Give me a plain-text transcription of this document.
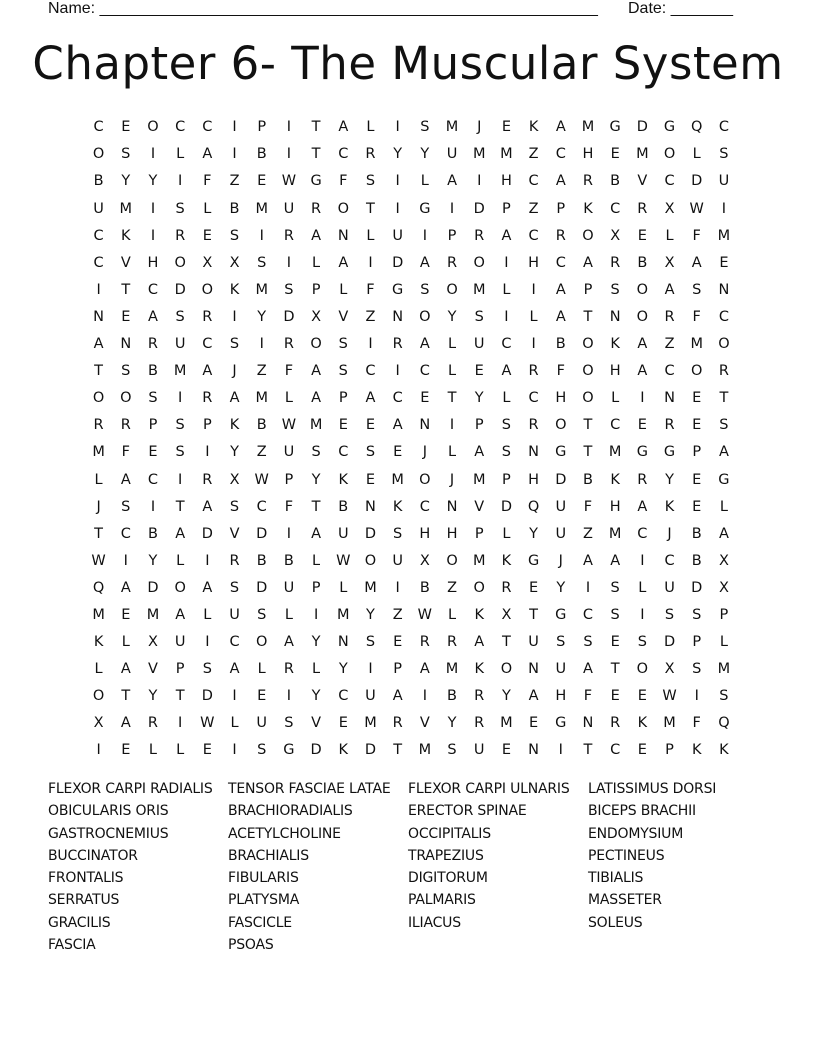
Name: ________________________________________________________ Date: _______
Chapter 6- The Muscular System
C	E	O	C	C	I	P	I	T	A	L	I	S	M	J	E	K	A	M	G	D	G	Q	C
O	S	I	L	A	I	B	I	T	C	R	Y	Y	U	M	M	Z	C	H	E	M	O	L	S
B	Y	Y	I	F	Z	E	W G	F	S	I	L	A	I	H	C	A	R	B	V	C	D	U
U	M	I	S	L	B	M	U	R	O	T	I	G	I	D	P	Z	P	K	C	R	X	W	I
C	K	I	R	E	S	I	R	A	N	L	U	I	P	R	A	C	R	O	X	E	L	F	M
C	V	H	O	X	X	S	I	L	A	I	D	A	R	O	I	H	C	A	R	B	X	A	E
I	T	C	D	O	K	M	S	P	L	F	G	S	O	M	L	I	A	P	S	O	A	S	N
N	E	A	S	R	I	Y	D	X	V	Z	N	O	Y	S	I	L	A	T	N	O	R	F	C
A	N	R	U	C	S	I	R	O	S	I	R	A	L	U	C	I	B	O	K	A	Z	M	O
T	S	B	M	A	J	Z	F	A	S	C	I	C	L	E	A	R	F	O	H	A	C	O	R
O	O	S	I	R	A	M	L	A	P	A	C	E	T	Y	L	C	H	O	L	I	N	E	T
R	R	P	S	P	K	B	W M	E	E	A	N	I	P	S	R	O	T	C	E	R	E	S
M	F	E	S	I	Y	Z	U	S	C	S	E	J	L	A	S	N	G	T	M	G	G	P	A
L	A	C	I	R	X	W	P	Y	K	E	M	O	J	M	P	H	D	B	K	R	Y	E	G
J	S	I	T	A	S	C	F	T	B	N	K	C	N	V	D	Q	U	F	H	A	K	E	L
T	C	B	A	D	V	D	I	A	U	D	S	H	H	P	L	Y	U	Z	M	C	J	B	A
W	I	Y	L	I	R	B	B	L	W O	U	X	O	M	K	G	J	A	A	I	C	B	X
Q	A	D	O	A	S	D	U	P	L	M	I	B	Z	O	R	E	Y	I	S	L	U	D	X
M	E	M	A	L	U	S	L	I	M	Y	Z	W	L	K	X	T	G	C	S	I	S	S	P
K	L	X	U	I	C	O	A	Y	N	S	E	R	R	A	T	U	S	S	E	S	D	P	L
L	A	V	P	S	A	L	R	L	Y	I	P	A	M	K	O	N	U	A	T	O	X	S	M
O	T	Y	T	D	I	E	I	Y	C	U	A	I	B	R	Y	A	H	F	E	E	W	I	S
X	A	R	I	W	L	U	S	V	E	M	R	V	Y	R	M	E	G	N	R	K	M	F	Q
I	E	L	L	E	I	S	G	D	K	D	T	M	S	U	E	N	I	T	C	E	P	K	K
FLEXOR CARPI RADIALIS	TENSOR FASCIAE LATAE	FLEXOR CARPI ULNARIS	LATISSIMUS DORSI
OBICULARIS ORIS	BRACHIORADIALIS	ERECTOR SPINAE	BICEPS BRACHII
GASTROCNEMIUS	ACETYLCHOLINE	OCCIPITALIS	ENDOMYSIUM
BUCCINATOR	BRACHIALIS	TRAPEZIUS	PECTINEUS
FRONTALIS	FIBULARIS	DIGITORUM	TIBIALIS
SERRATUS	PLATYSMA	PALMARIS	MASSETER
GRACILIS	FASCICLE	ILIACUS	SOLEUS
FASCIA	PSOAS
